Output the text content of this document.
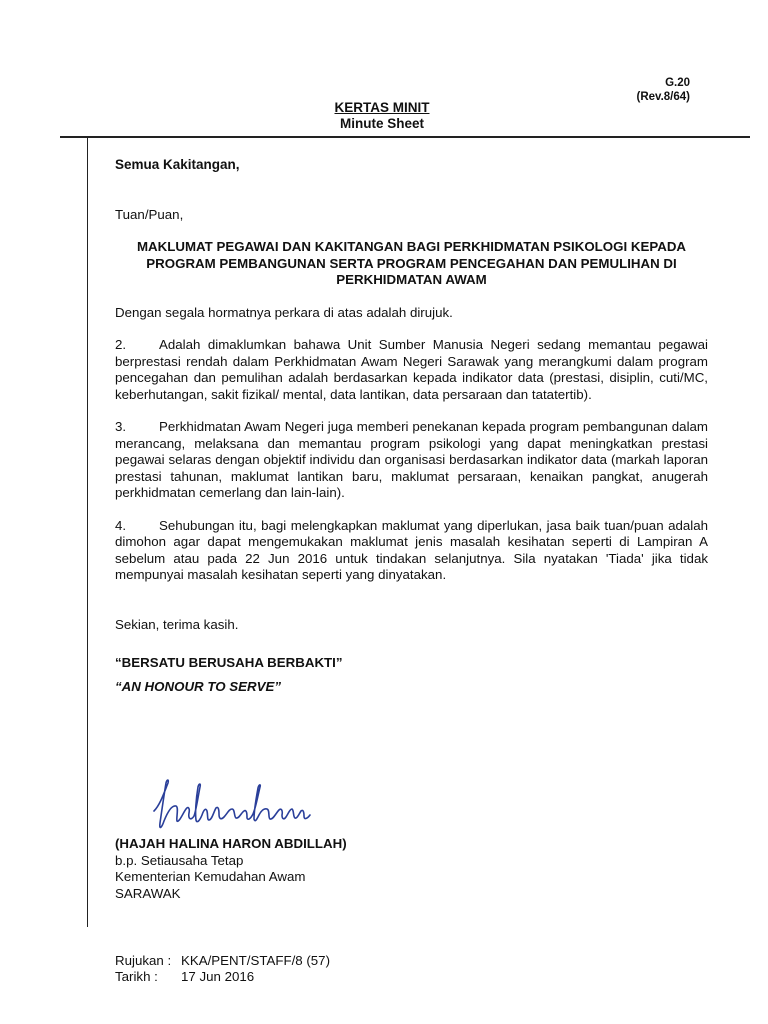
G.20
(Rev.8/64)
KERTAS MINIT
Minute Sheet
Semua Kakitangan,
Tuan/Puan,
MAKLUMAT PEGAWAI DAN KAKITANGAN BAGI PERKHIDMATAN PSIKOLOGI KEPADA PROGRAM PEMBANGUNAN SERTA PROGRAM PENCEGAHAN DAN PEMULIHAN DI PERKHIDMATAN AWAM
Dengan segala hormatnya perkara di atas adalah dirujuk.
2. Adalah dimaklumkan bahawa Unit Sumber Manusia Negeri sedang memantau pegawai berprestasi rendah dalam Perkhidmatan Awam Negeri Sarawak yang merangkumi dalam program pencegahan dan pemulihan adalah berdasarkan kepada indikator data (prestasi, disiplin, cuti/MC, keberhutangan, sakit fizikal/ mental, data lantikan, data persaraan dan tatatertib).
3. Perkhidmatan Awam Negeri juga memberi penekanan kepada program pembangunan dalam merancang, melaksana dan memantau program psikologi yang dapat meningkatkan prestasi pegawai selaras dengan objektif individu dan organisasi berdasarkan indikator data (markah laporan prestasi tahunan, maklumat lantikan baru, maklumat persaraan, kenaikan pangkat, anugerah perkhidmatan cemerlang dan lain-lain).
4. Sehubungan itu, bagi melengkapkan maklumat yang diperlukan, jasa baik tuan/puan adalah dimohon agar dapat mengemukakan maklumat jenis masalah kesihatan seperti di Lampiran A sebelum atau pada 22 Jun 2016 untuk tindakan selanjutnya. Sila nyatakan 'Tiada' jika tidak mempunyai masalah kesihatan seperti yang dinyatakan.
Sekian, terima kasih.
“BERSATU BERUSAHA BERBAKTI”
“AN HONOUR TO SERVE”
(HAJAH HALINA HARON ABDILLAH)
b.p. Setiausaha Tetap
Kementerian Kemudahan Awam
SARAWAK
Rujukan : KKA/PENT/STAFF/8 (57)
Tarikh : 17 Jun 2016
